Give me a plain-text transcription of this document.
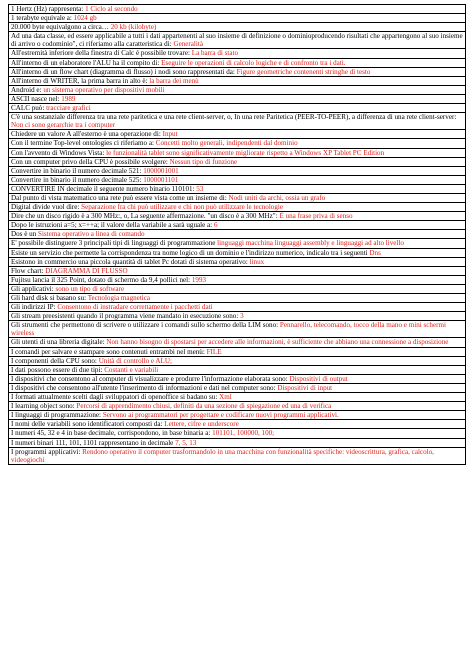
1 Hertz (Hz) rappresenta: 1 Ciclo al secondo
1 terabyte equivale a: 1024 gb
20.000 byte equivalgono a circa… 20 kb (kilobyte)
Ad una data classe, ed essere applicabile a tutti i dati appartenenti al suo insieme di definizione o dominioproducendo risultati che appartengono al suo insieme di arrivo o codominio", ci riferiamo alla caratteristica di: Generalità
All'estremità inferiore della finestra di Calc è possibile trovare: La barra di stato
All'interno di un elaboratore l'ALU ha il compito di: Eseguire le operazioni di calcolo logiche e di confronto tra i dati.
All'interno di un flow chart (diagramma di flusso) i nodi sono rappresentati da: Figure geometriche contenenti stringhe di testo
All'interno di WRITER, la prima barra in alto è: la barra dei menù
Android e: un sistema operativo per dispositivi mobili
ASCII nasce nel: 1989
CALC può: tracciare grafici
C'è una sostanziale differenza tra una rete paritetica e una rete client-server, o, In una rete Paritetica (PEER-TO-PEER), a differenza di una rete client-server: Non ci sono gerarchie tra i computer
Chiedere un valore A all'esterno è una operazione di: Input
Con il termine Top-level ontologies ci riferiamo a: Concetti molto generali, indipendenti dal dominio
Con l'avvento di Windows Vista: le funzionalità tablet sono significativamente migliorate rispetto a Windows XP Tablet PC Edition
Con un computer privo della CPU è possibile svolgere: Nessun tipo di funzione
Convertire in binario il numero decimale 521: 1000001001
Convertire in binario il numero decimale 525: 1000001101
CONVERTIRE IN decimale il seguente numero binario 110101: 53
Dal punto di vista matematico una rete può essere vista come un insieme di: Nodi uniti da archi, ossia un grafo
Digital divide vuol dire: Separazione fra chi può utilizzare e chi non può utilizzare le tecnologie
Dire che un disco rigido è a 300 MHz:, o, La seguente affermazione. "un disco è a 300 MHz": È una frase priva di senso
Dopo le istruzioni a=5; x=++a; il valore della variabile a sarà uguale a: 6
Dos è un Sistema operativo a linea di comando
E' possibile distinguere 3 principali tipi di linguaggi di programmazione linguaggi macchina linguaggi assembly e linguaggi ad alto livello
Esiste un servizio che permette la corrispondenza tra nome logico di un dominio e l'indirizzo numerico, indicalo tra i seguenti Dns
Esistono in commercio una piccola quantità di tablet Pc dotati di sistema operativo: linux
Flow chart: DIAGRAMMA DI FLUSSO
Fujitsu lancia il 325 Point, dotato di schermo da 9,4 pollici nel: 1993
Gli applicativi: sono un tipo di software
Gli hard disk si basano su: Tecnologia magnetica
Gli indirizzi IP: Consentono di instradare correttamente i pacchetti dati
Gli stream preesistenti quando il programma viene mandato in esecuzione sono: 3
Gli strumenti che permettono di scrivere o utilizzare i comandi sullo schermo della LIM sono: Pennarello, telecomando, tocco della mano e mini schermi wireless
Gli utenti di una libreria digitale: Non hanno bisogno di spostarsi per accedere alle informazioni, è sufficiente che abbiano una connessione a disposizione
I comandi per salvare e stampare sono contenuti entrambi nel menù: FILE
I componenti della CPU sono: Unità di controllo e ALU;
I dati possono essere di due tipi: Costanti e variabili
I dispositivi che consentono al computer di visualizzare e produrre l'informazione elaborata sono: Dispositivi di output
I dispositivi che consentono all'utente l'inserimento di informazioni e dati nel computer sono: Dispositivi di input
I formati attualmente scelti dagli sviluppatori di openoffice si badano su: Xml
I learning object sono: Percorsi di apprendimento chiusi, definiti da una sezione di spiegazione ed una di verifica
I linguaggi di programmazione: Servono ai programmatori per progettare e codificare nuovi programmi applicativi.
I nomi delle variabili sono identificatori composti da: Lettere, cifre e underscore
I numeri 45, 32 e 4 in base decimale, corrispondono, in base binaria a: 101101, 100000, 100;
I numeri binari 111, 101, 1101 rappresentano in decimale 7, 5, 13
I programmi applicativi: Rendono operativo il computer trasformandolo in una macchina con funzionalità specifiche: videoscrittura, grafica, calcolo, videogiochi
